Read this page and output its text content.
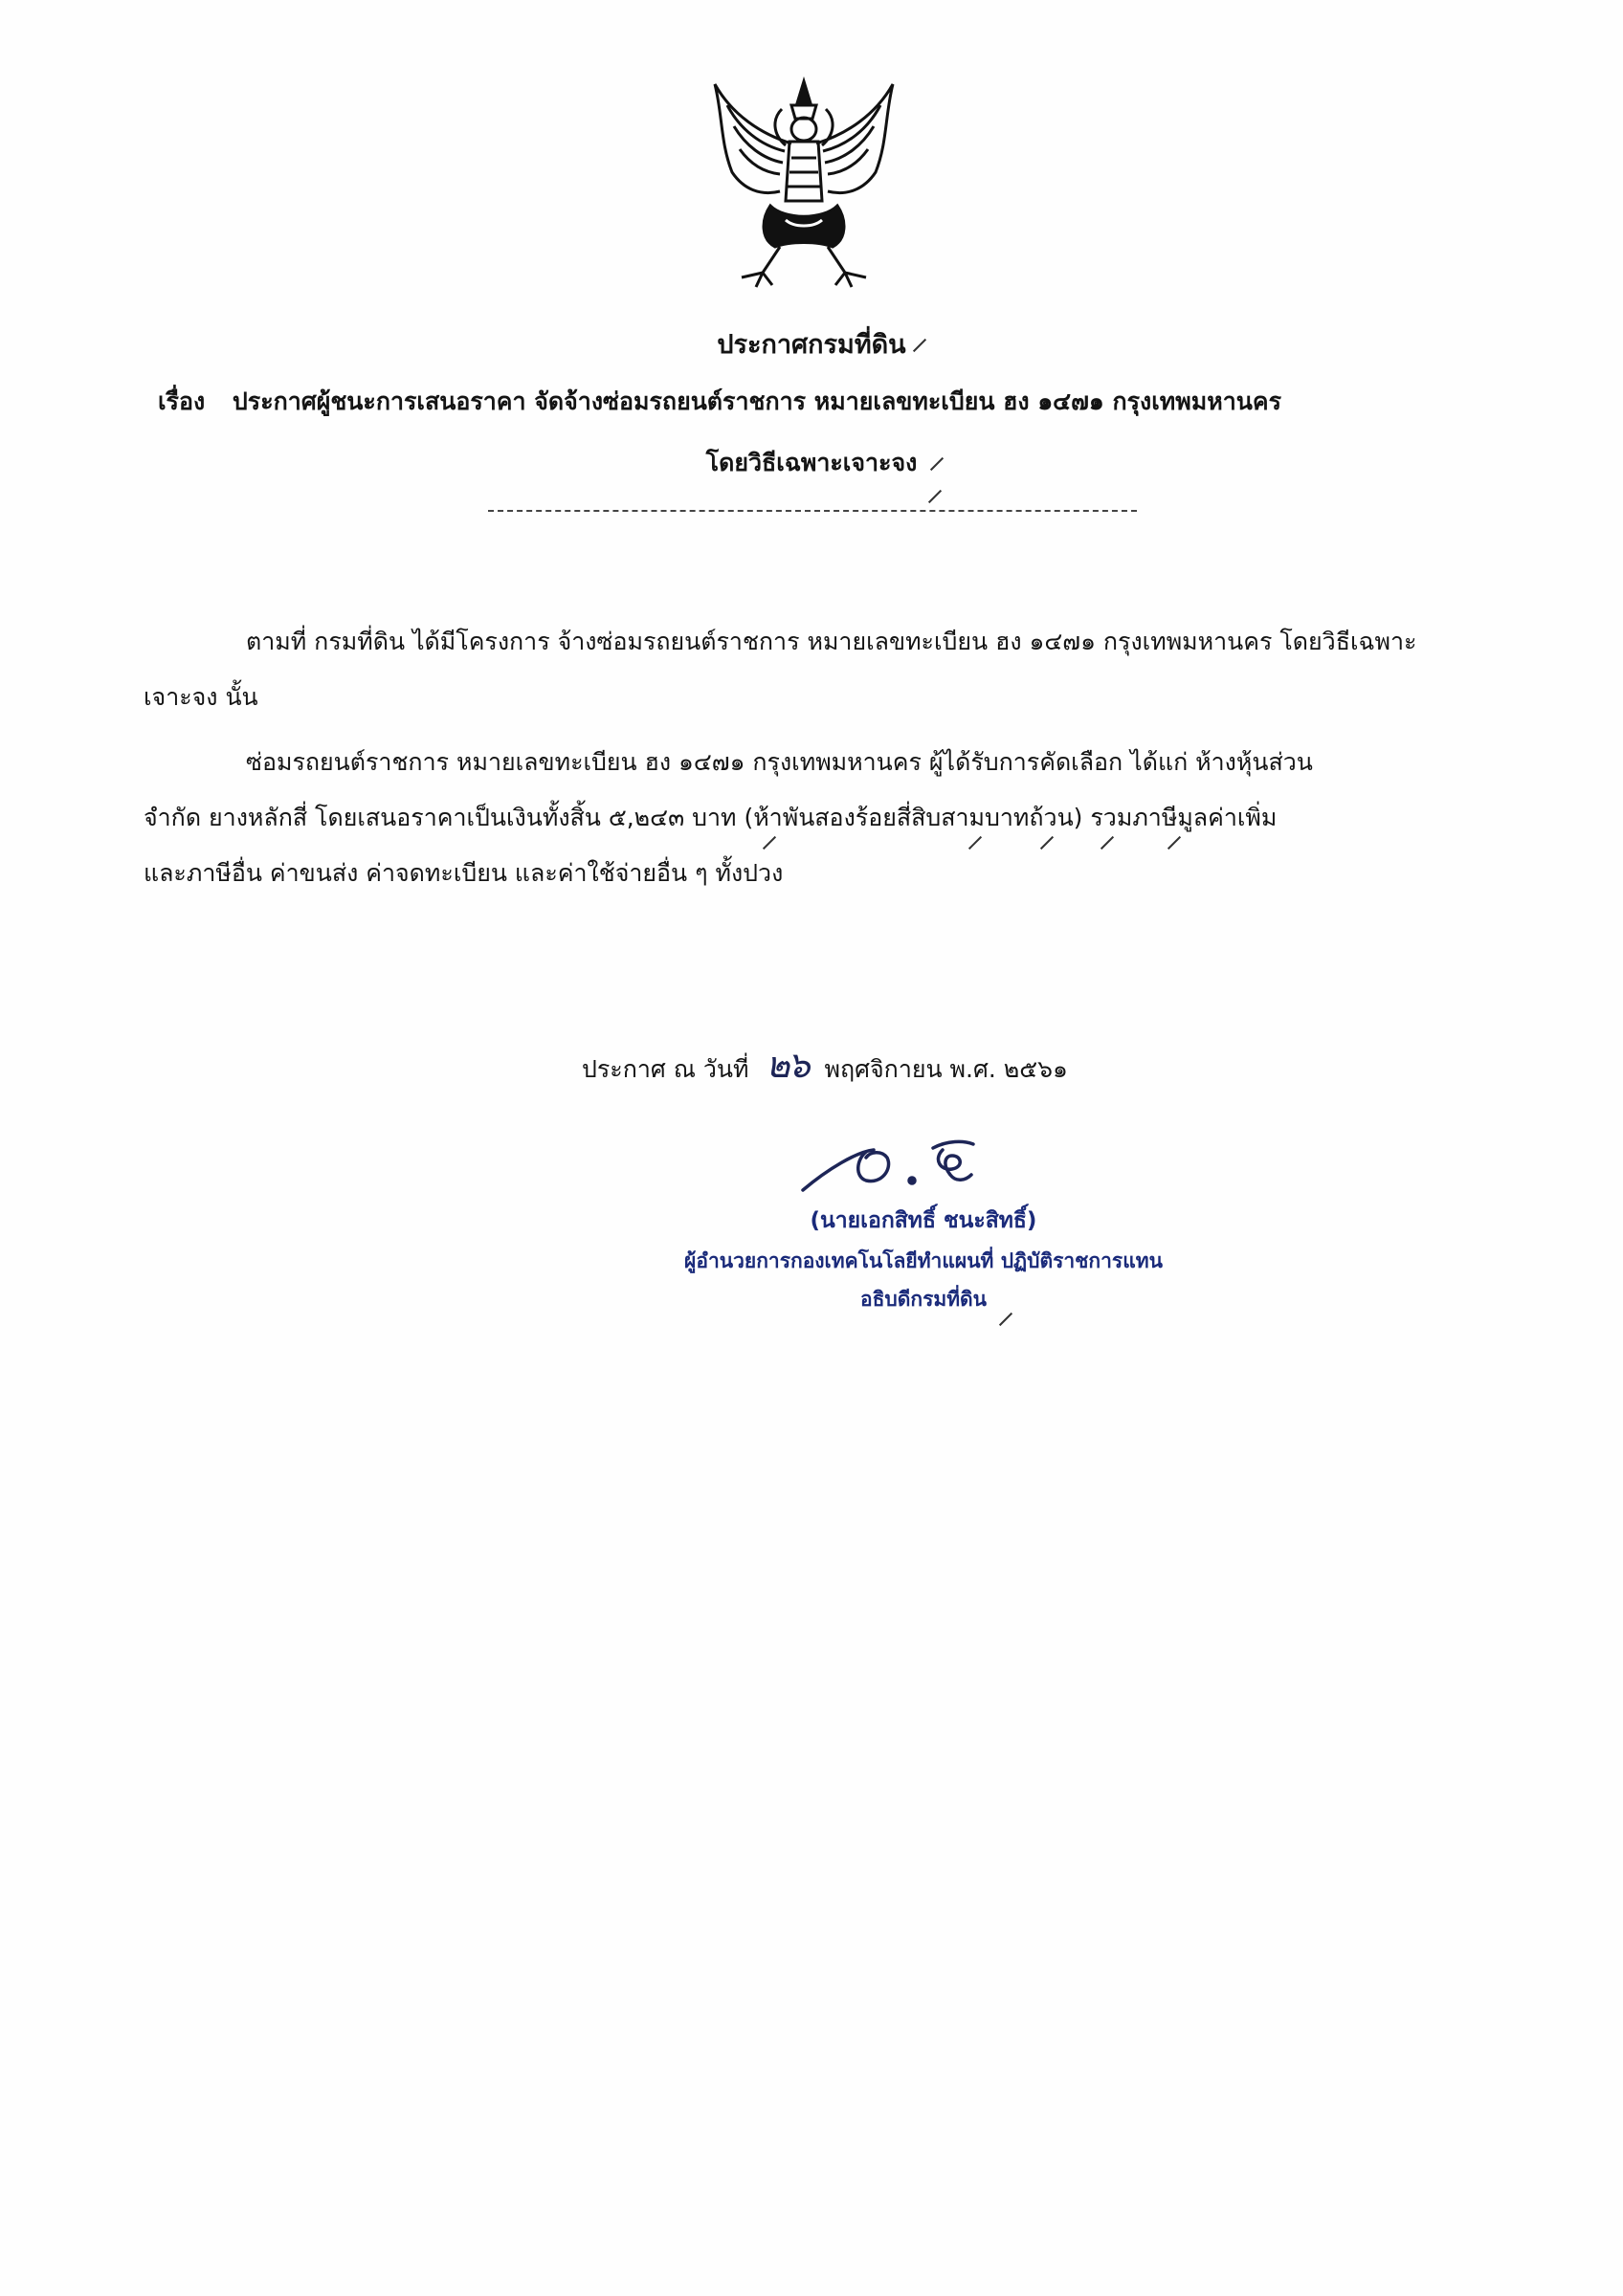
ประกาศกรมที่ดิน
เรื่อง ประกาศผู้ชนะการเสนอราคา จัดจ้างซ่อมรถยนต์ราชการ หมายเลขทะเบียน ฮง ๑๔๗๑ กรุงเทพมหานคร
โดยวิธีเฉพาะเจาะจง
ตามที่ กรมที่ดิน ได้มีโครงการ จ้างซ่อมรถยนต์ราชการ หมายเลขทะเบียน ฮง ๑๔๗๑ กรุงเทพมหานคร โดยวิธีเฉพาะ
เจาะจง นั้น
ซ่อมรถยนต์ราชการ หมายเลขทะเบียน ฮง ๑๔๗๑ กรุงเทพมหานคร ผู้ได้รับการคัดเลือก ได้แก่ ห้างหุ้นส่วน
จำกัด ยางหลักสี่ โดยเสนอราคาเป็นเงินทั้งสิ้น ๕,๒๔๓ บาท (ห้าพันสองร้อยสี่สิบสามบาทถ้วน) รวมภาษีมูลค่าเพิ่ม
และภาษีอื่น ค่าขนส่ง ค่าจดทะเบียน และค่าใช้จ่ายอื่น ๆ ทั้งปวง
ประกาศ ณ วันที่ ๒๖ พฤศจิกายน พ.ศ. ๒๕๖๑
(นายเอกสิทธิ์ ชนะสิทธิ์)
ผู้อำนวยการกองเทคโนโลยีทำแผนที่ ปฏิบัติราชการแทน
อธิบดีกรมที่ดิน
